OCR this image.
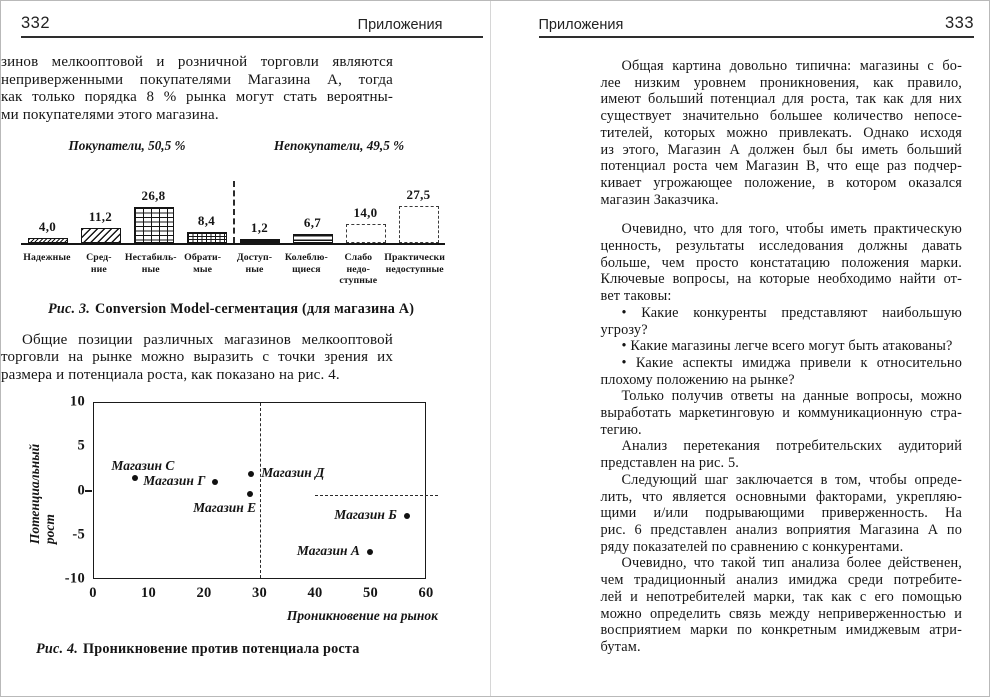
332	Приложения
зинов мелкооптовой и розничной торговли являются
неприверженными покупателями Магазина А, тогда
как только порядка 8 % рынка могут стать вероятны-
ми покупателями этого магазина.
Покупатели, 50,5 %	Непокупатели, 49,5 %
4,0
11,2
26,8
8,4	1,2	6,7
14,0
27,5
Надежные	Сред-
ние
Нестабиль-
ные
Обрати-
мые
Доступ-
ные
Колеблю-
щиеся
Слабо
недо-
ступные
Практически
недоступные
Рис. 3. Conversion Model-сегментация (для магазина А)
Общие позиции различных магазинов мелкооптовой
торговли на рынке можно выразить с точки зрения их
размера и потенциала роста, как показано на рис. 4.
Потенциальный
рост
10
5
0
-5
-10
Магазин C
Магазин Г
Магазин Д
Магазин Е	Магазин Б
Магазин А
0	10	20	30	40	50	60
Проникновение на рынок
Рис. 4. Проникновение против потенциала роста
Приложения	333
Общая картина довольно типична: магазины с бо-
лее низким уровнем проникновения, как правило,
имеют больший потенциал для роста, так как для них
существует значительно большее количество непосе-
тителей, которых можно привлекать. Однако исходя
из этого, Магазин А должен был бы иметь больший
потенциал роста чем Магазин В, что еще раз подчер-
кивает угрожающее положение, в котором оказался
магазин Заказчика.
Очевидно, что для того, чтобы иметь практическую
ценность, результаты исследования должны давать
больше, чем просто констатацию положения марки.
Ключевые вопросы, на которые необходимо найти от-
вет таковы:
• Какие конкуренты представляют наибольшую
угрозу?
• Какие магазины легче всего могут быть атакованы?
• Какие аспекты имиджа привели к относительно
плохому положению на рынке?
Только получив ответы на данные вопросы, можно
выработать маркетинговую и коммуникационную стра-
тегию.
Анализ перетекания потребительских аудиторий
представлен на рис. 5.
Следующий шаг заключается в том, чтобы опреде-
лить, что является основными факторами, укрепляю-
щими и/или подрывающими приверженность. На
рис. 6 представлен анализ воприятия Магазина А по
ряду показателей по сравнению с конкурентами.
Очевидно, что такой тип анализа более действенен,
чем традиционный анализ имиджа среди потребите-
лей и непотребителей марки, так как с его помощью
можно определить связь между неприверженностью и
восприятием марки по конкретным имиджевым атри-
бутам.
